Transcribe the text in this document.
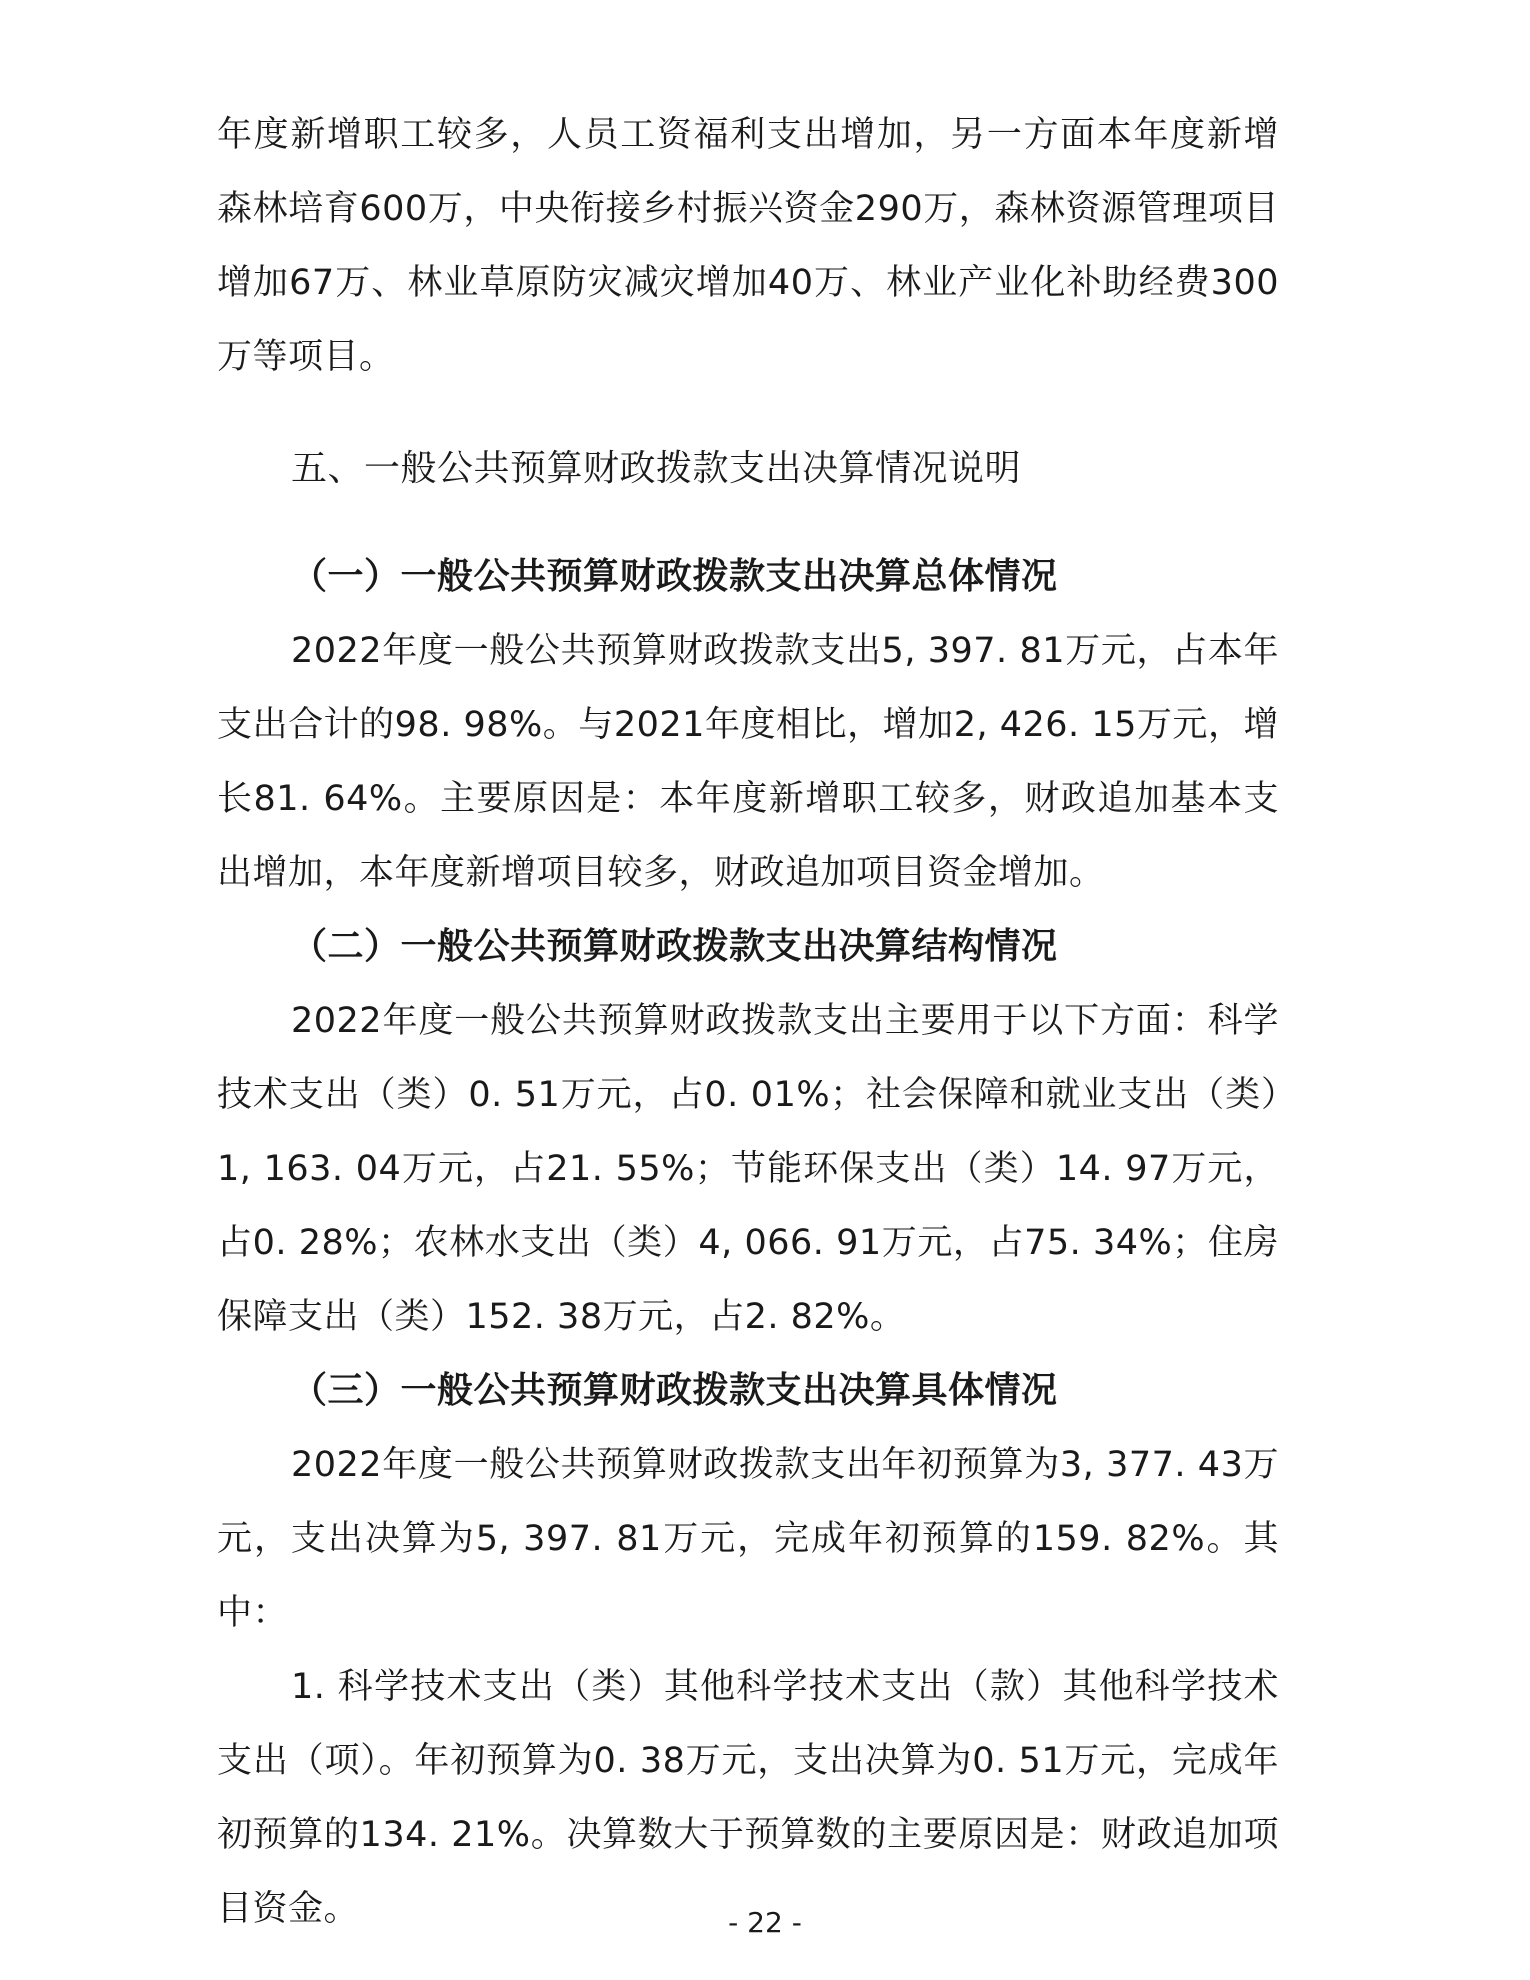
年度新增职工较多，人员工资福利支出增加，另一方面本年度新增森林培育600万，中央衔接乡村振兴资金290万，森林资源管理项目增加67万、林业草原防灾减灾增加40万、林业产业化补助经费300万等项目。

五、一般公共预算财政拨款支出决算情况说明
（一）一般公共预算财政拨款支出决算总体情况

2022年度一般公共预算财政拨款支出5, 397. 81万元，占本年支出合计的98. 98%。与2021年度相比，增加2, 426. 15万元，增长81. 64%。主要原因是：本年度新增职工较多，财政追加基本支出增加，本年度新增项目较多，财政追加项目资金增加。

（二）一般公共预算财政拨款支出决算结构情况

2022年度一般公共预算财政拨款支出主要用于以下方面：科学技术支出（类）0. 51万元，占0. 01%；社会保障和就业支出（类）1, 163. 04万元，占21. 55%；节能环保支出（类）14. 97万元，占0. 28%；农林水支出（类）4, 066. 91万元，占75. 34%；住房保障支出（类）152. 38万元，占2. 82%。

（三）一般公共预算财政拨款支出决算具体情况

2022年度一般公共预算财政拨款支出年初预算为3, 377. 43万元，支出决算为5, 397. 81万元，完成年初预算的159. 82%。其中：

1. 科学技术支出（类）其他科学技术支出（款）其他科学技术支出（项）。年初预算为0. 38万元，支出决算为0. 51万元，完成年初预算的134. 21%。决算数大于预算数的主要原因是：财政追加项目资金。	- 22 -
